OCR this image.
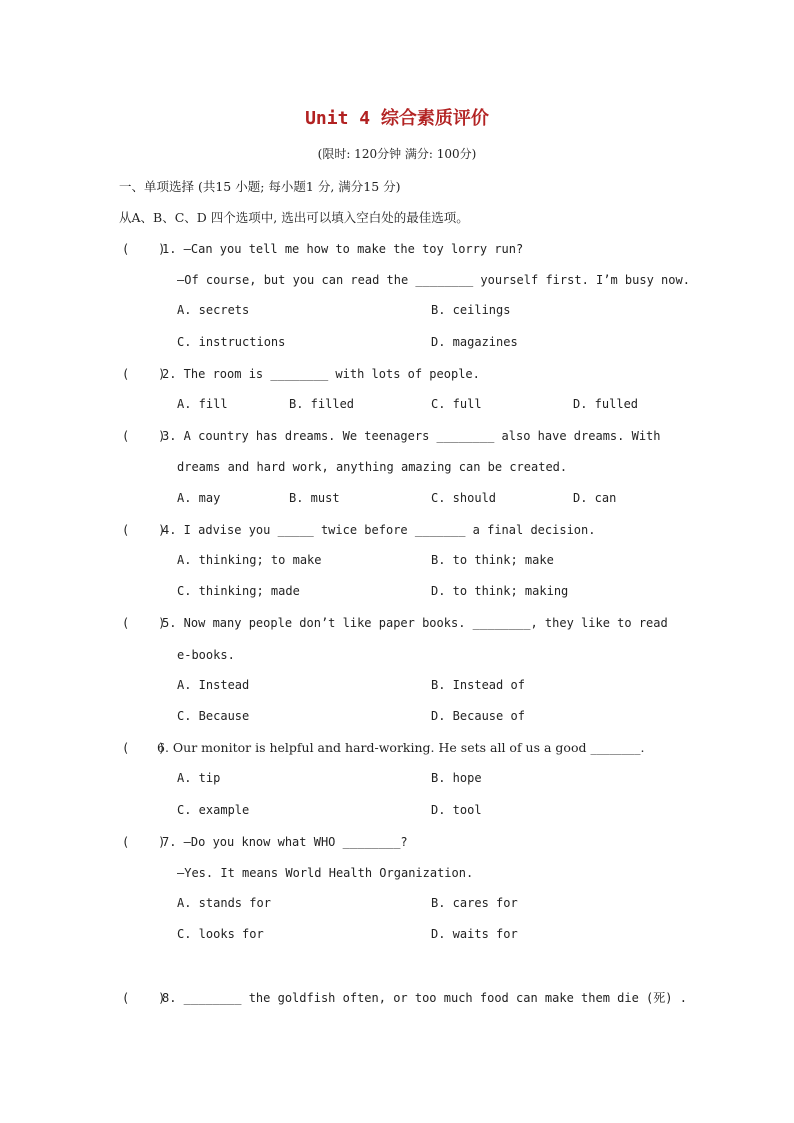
Unit 4 综合素质评价
(限时: 120分钟 满分: 100分)
一、单项选择 (共15 小题; 每小题1 分, 满分15 分)
从A、B、C、D 四个选项中, 选出可以填入空白处的最佳选项。
(    )
1. —Can you tell me how to make the toy lorry run?
—Of course, but you can read the ________ yourself first. I’m busy now.
A. secrets	B. ceilings
C. instructions	D. magazines
(    )
2. The room is ________ with lots of people.
A. fill	B. filled	C. full	D. fulled
(    )
3. A country has dreams. We teenagers ________ also have dreams. With
dreams and hard work, anything amazing can be created.
A. may	B. must	C. should	D. can
(    )
4. I advise you _____ twice before _______ a final decision.
A. thinking; to make	B. to think; make
C. thinking; made	D. to think; making
(    )
5. Now many people don’t like paper books. ________, they like to read
e-books.
A. Instead	B. Instead of
C. Because	D. Because of
(    )
6. Our monitor is helpful and hard-working. He sets all of us a good ________.
A. tip	B. hope
C. example	D. tool
(    )
7. —Do you know what WHO ________?
—Yes. It means World Health Organization.
A. stands for	B. cares for
C. looks for	D. waits for
(    )
8. ________ the goldfish often, or too much food can make them die (死) .
